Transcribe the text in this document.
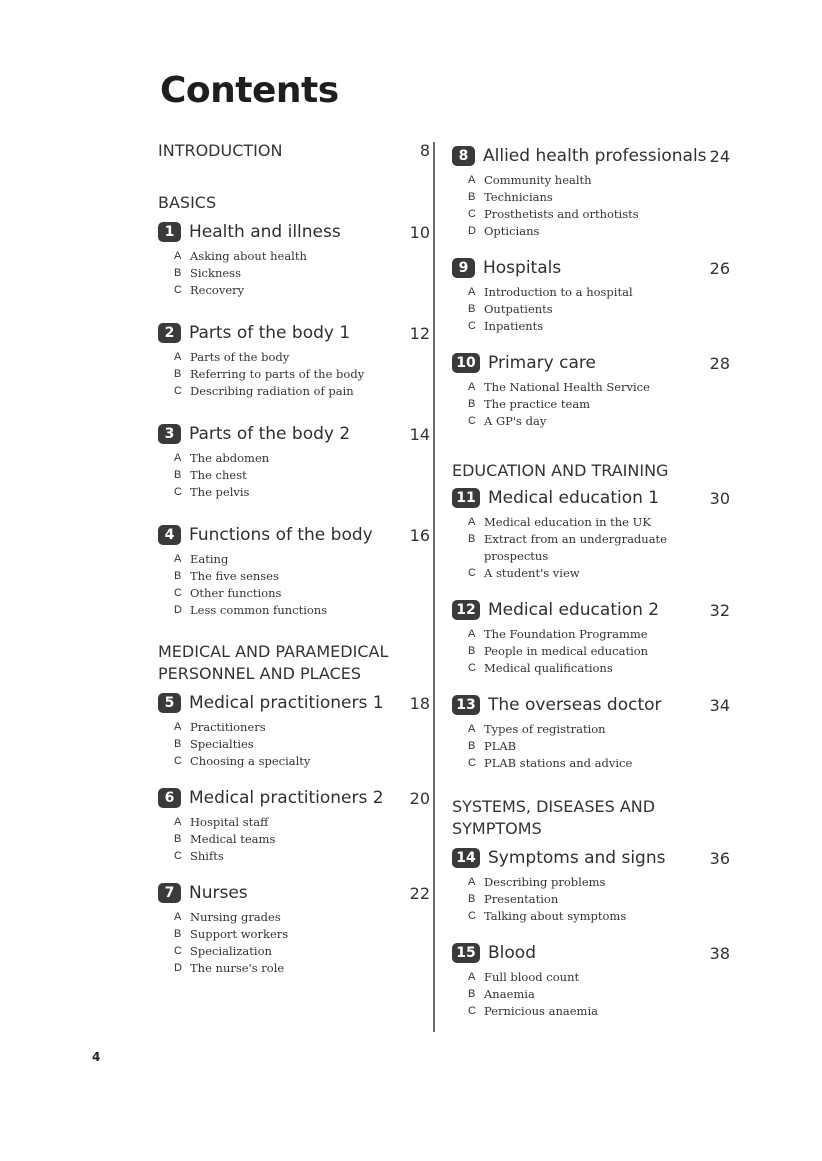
Contents
INTRODUCTION	8
BASICS
1 Health and illness	10
A Asking about health
B Sickness
C Recovery
2 Parts of the body 1	12
A Parts of the body
B Referring to parts of the body
C Describing radiation of pain
3 Parts of the body 2	14
A The abdomen
B The chest
C The pelvis
4 Functions of the body 16
A Eating
B The five senses
C Other functions
D Less common functions
MEDICAL AND PARAMEDICAL
PERSONNEL AND PLACES
5 Medical practitioners 1 18
A Practitioners
B Specialties
C Choosing a specialty
6 Medical practitioners 2 20
A Hospital staff
B Medical teams
C Shifts
7 Nurses	22
A Nursing grades
B Support workers
C Specialization
D The nurse's role
8 Allied health professionals 24
A Community health
B Technicians
C Prosthetists and orthotists
D Opticians
9 Hospitals	26
A Introduction to a hospital
B Outpatients
C Inpatients
10 Primary care	28
A The National Health Service
B The practice team
C A GP's day
EDUCATION AND TRAINING
11 Medical education 1	30
A Medical education in the UK
B Extract from an undergraduate prospectus
C A student's view
12 Medical education 2	32
A The Foundation Programme
B People in medical education
C Medical qualifications
13 The overseas doctor	34
A Types of registration
B PLAB
C PLAB stations and advice
SYSTEMS, DISEASES AND
SYMPTOMS
14 Symptoms and signs	36
A Describing problems
B Presentation
C Talking about symptoms
15 Blood	38
A Full blood count
B Anaemia
C Pernicious anaemia
4
